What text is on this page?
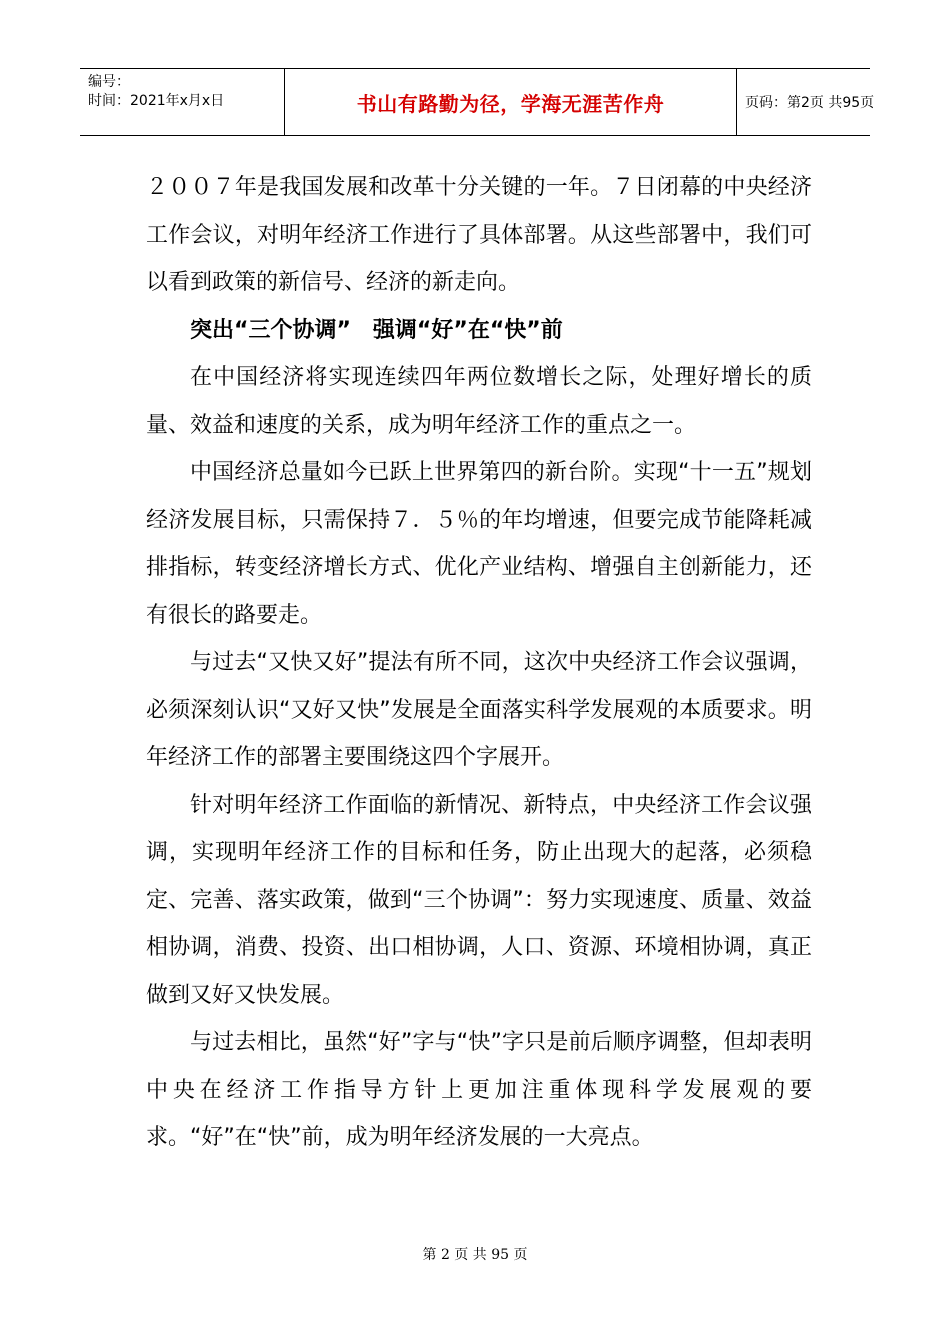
编号：
时间：2021年x月x日	书山有路勤为径，学海无涯苦作舟	页码：第2页 共95页

２００７年是我国发展和改革十分关键的一年。７日闭幕的中央经济工作会议，对明年经济工作进行了具体部署。从这些部署中，我们可以看到政策的新信号、经济的新走向。

突出“三个协调”　强调“好”在“快”前

在中国经济将实现连续四年两位数增长之际，处理好增长的质量、效益和速度的关系，成为明年经济工作的重点之一。

中国经济总量如今已跃上世界第四的新台阶。实现“十一五”规划经济发展目标，只需保持７．５％的年均增速，但要完成节能降耗减排指标，转变经济增长方式、优化产业结构、增强自主创新能力，还有很长的路要走。

与过去“又快又好”提法有所不同，这次中央经济工作会议强调，必须深刻认识“又好又快”发展是全面落实科学发展观的本质要求。明年经济工作的部署主要围绕这四个字展开。

针对明年经济工作面临的新情况、新特点，中央经济工作会议强调，实现明年经济工作的目标和任务，防止出现大的起落，必须稳定、完善、落实政策，做到“三个协调”：努力实现速度、质量、效益相协调，消费、投资、出口相协调，人口、资源、环境相协调，真正做到又好又快发展。

与过去相比，虽然“好”字与“快”字只是前后顺序调整，但却表明中央在经济工作指导方针上更加注重体现科学发展观的要求。“好”在“快”前，成为明年经济发展的一大亮点。

第 2 页 共 95 页
